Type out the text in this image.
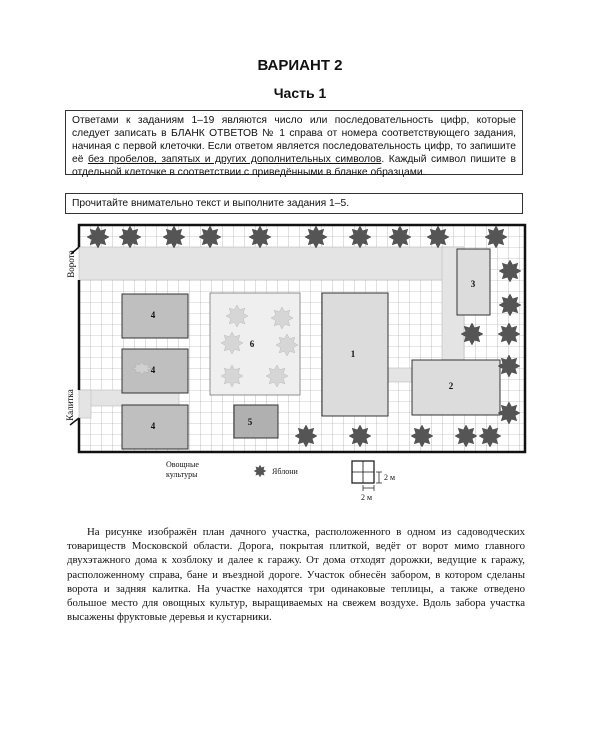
ВАРИАНТ 2
Часть 1
Ответами к заданиям 1–19 являются число или последовательность цифр, которые следует записать в БЛАНК ОТВЕТОВ № 1 справа от номера соответствующего задания, начиная с первой клеточки. Если ответом является последовательность цифр, то запишите её без пробелов, запятых и других дополнительных символов. Каждый символ пишите в отдельной клеточке в соответствии с приведёнными в бланке образцами.
Прочитайте внимательно текст и выполните задания 1–5.
1
2
3
4
4
4	5
6
Ворота
Калитка
Овощные
культуры	Яблони
2 м
2 м
На рисунке изображён план дачного участка, расположенного в одном из садоводческих товариществ Московской области. Дорога, покрытая плиткой, ведёт от ворот мимо главного двухэтажного дома к хозблоку и далее к гаражу. От дома отходят дорожки, ведущие к гаражу, расположенному справа, бане и въездной дороге. Участок обнесён забором, в котором сделаны ворота и задняя калитка. На участке находятся три одинаковые теплицы, а также отведено большое место для овощных культур, выращиваемых на свежем воздухе. Вдоль забора участка высажены фруктовые деревья и кустарники.
